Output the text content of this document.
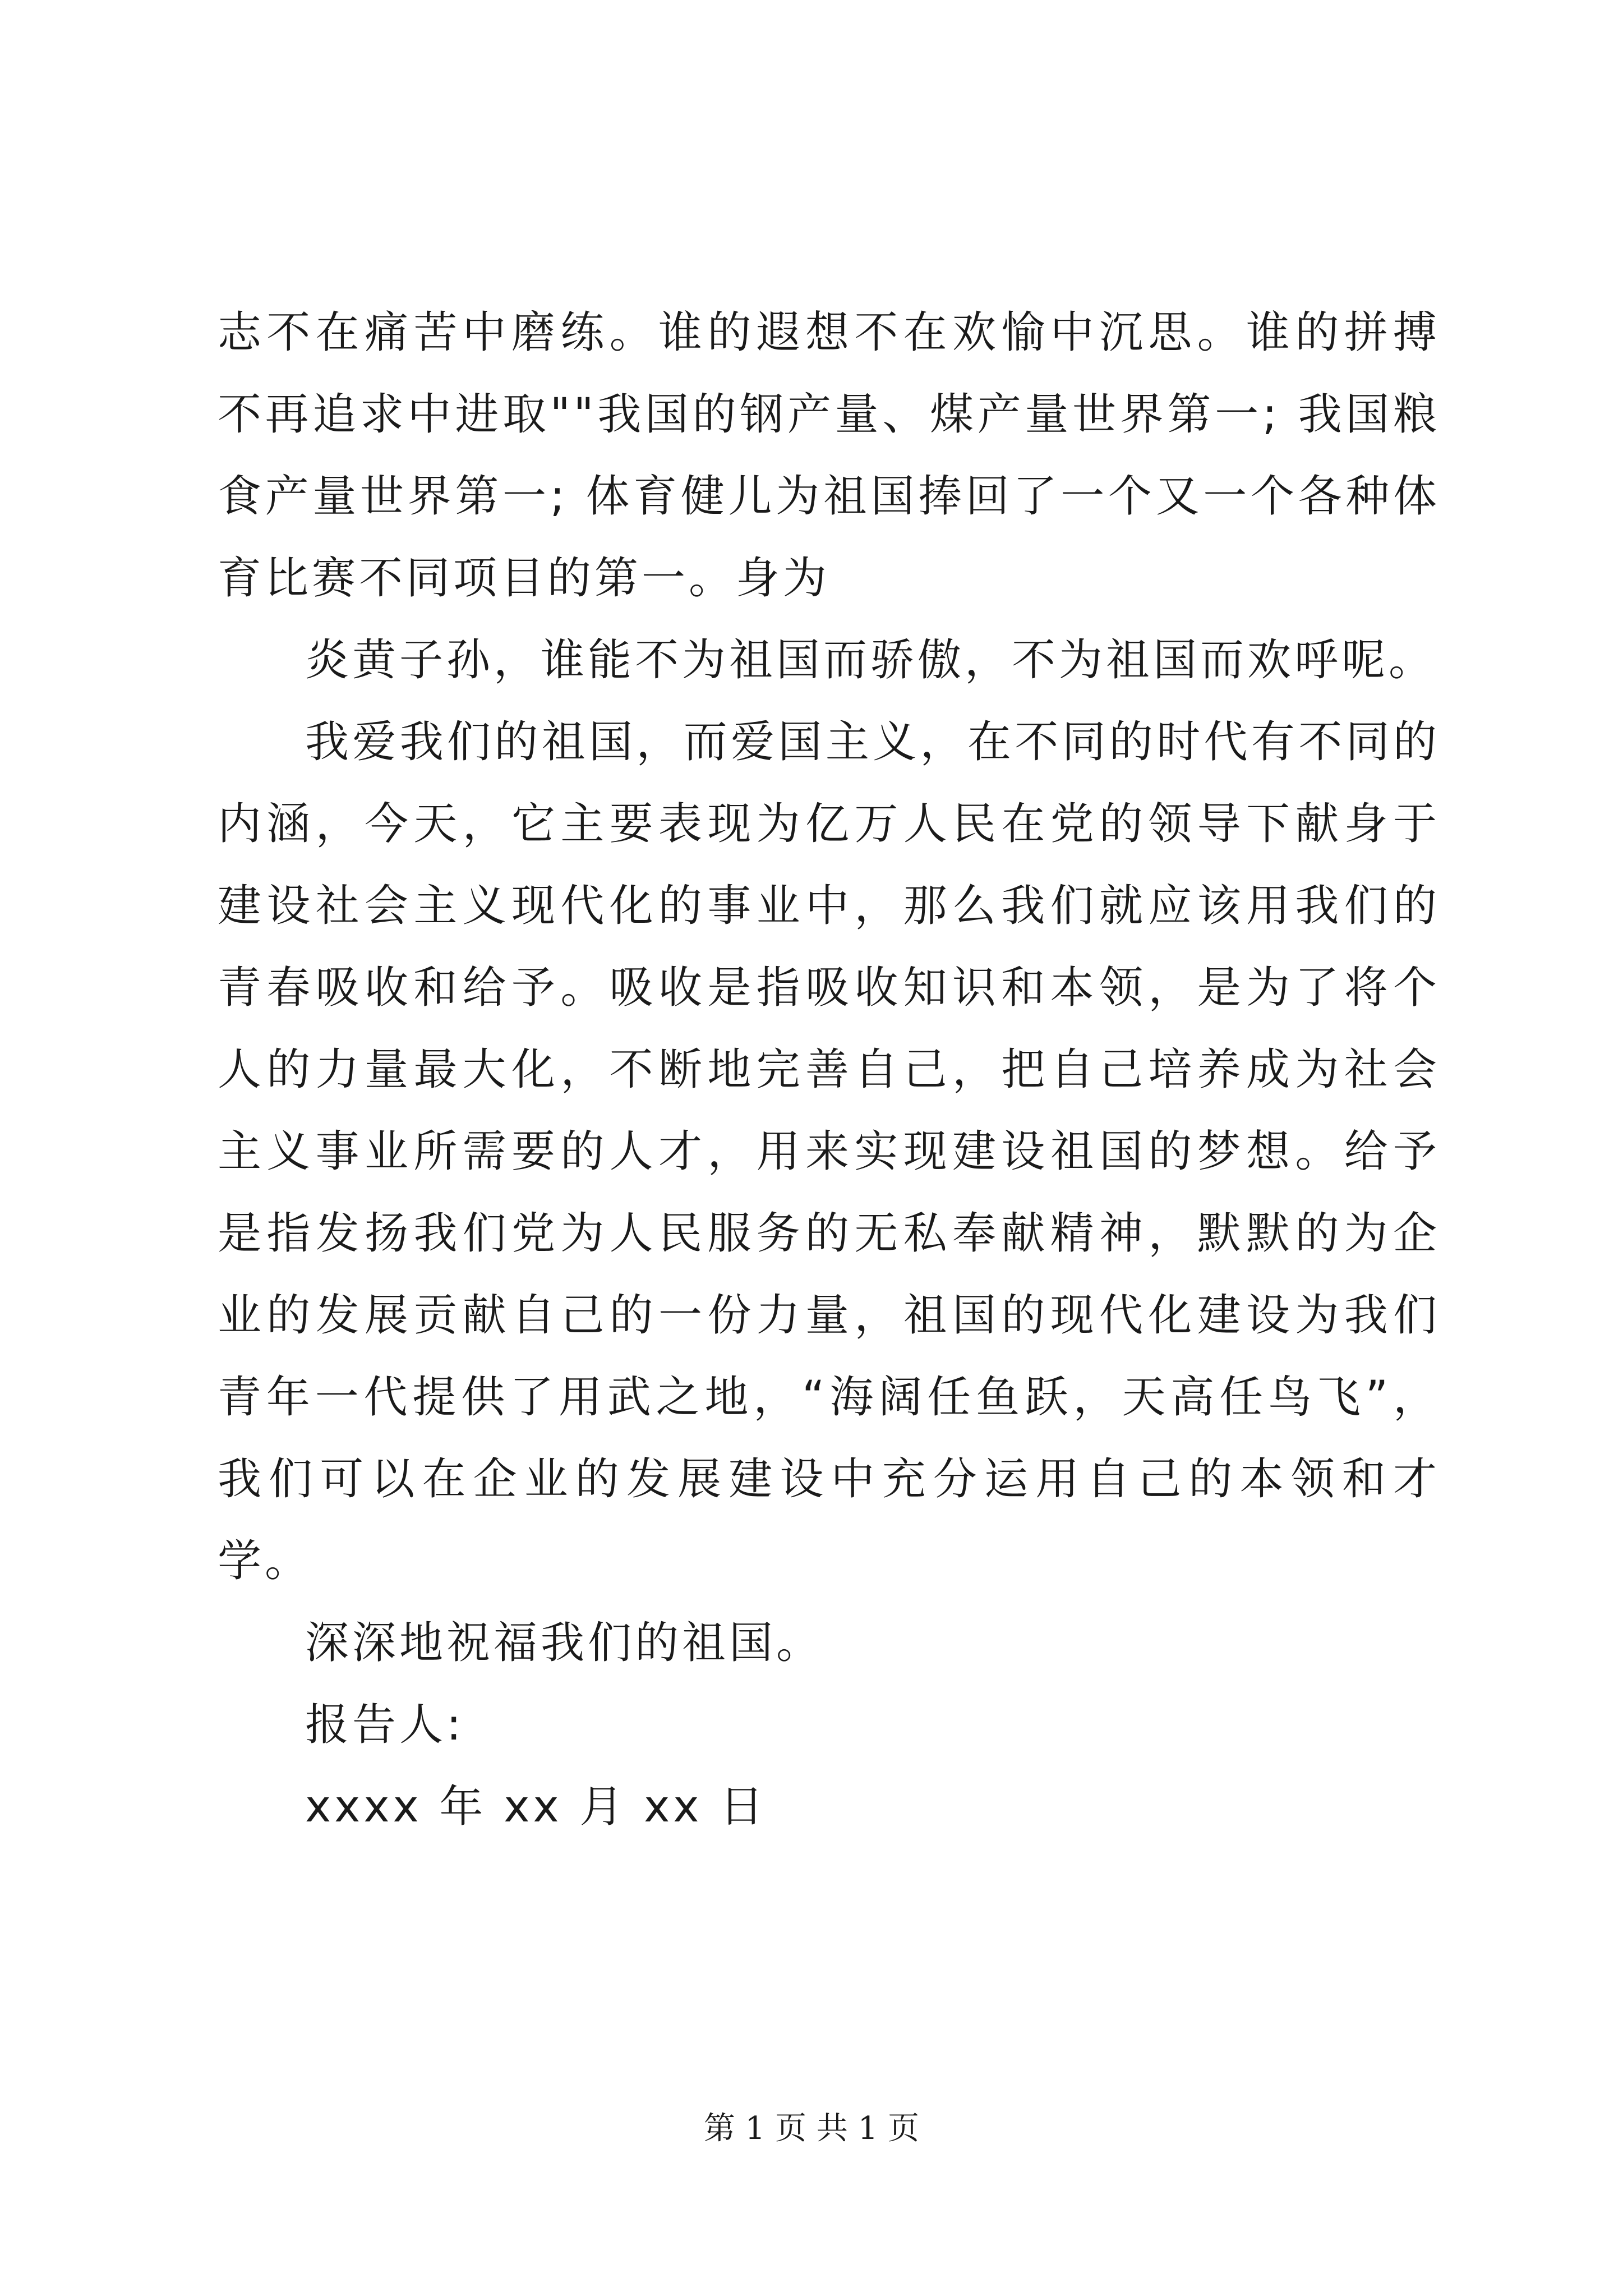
志不在痛苦中磨练。谁的遐想不在欢愉中沉思。谁的拼搏不再追求中进取""我国的钢产量、煤产量世界第一; 我国粮食产量世界第一; 体育健儿为祖国捧回了一个又一个各种体育比赛不同项目的第一。身为

炎黄子孙，谁能不为祖国而骄傲，不为祖国而欢呼呢。

我爱我们的祖国，而爱国主义，在不同的时代有不同的内涵，今天，它主要表现为亿万人民在党的领导下献身于建设社会主义现代化的事业中，那么我们就应该用我们的青春吸收和给予。吸收是指吸收知识和本领，是为了将个人的力量最大化，不断地完善自己，把自己培养成为社会主义事业所需要的人才，用来实现建设祖国的梦想。给予是指发扬我们党为人民服务的无私奉献精神，默默的为企业的发展贡献自己的一份力量，祖国的现代化建设为我们青年一代提供了用武之地，“海阔任鱼跃，天高任鸟飞”，我们可以在企业的发展建设中充分运用自己的本领和才学。

深深地祝福我们的祖国。

报告人:

xxxx 年 xx 月 xx 日

第 1 页 共 1 页
